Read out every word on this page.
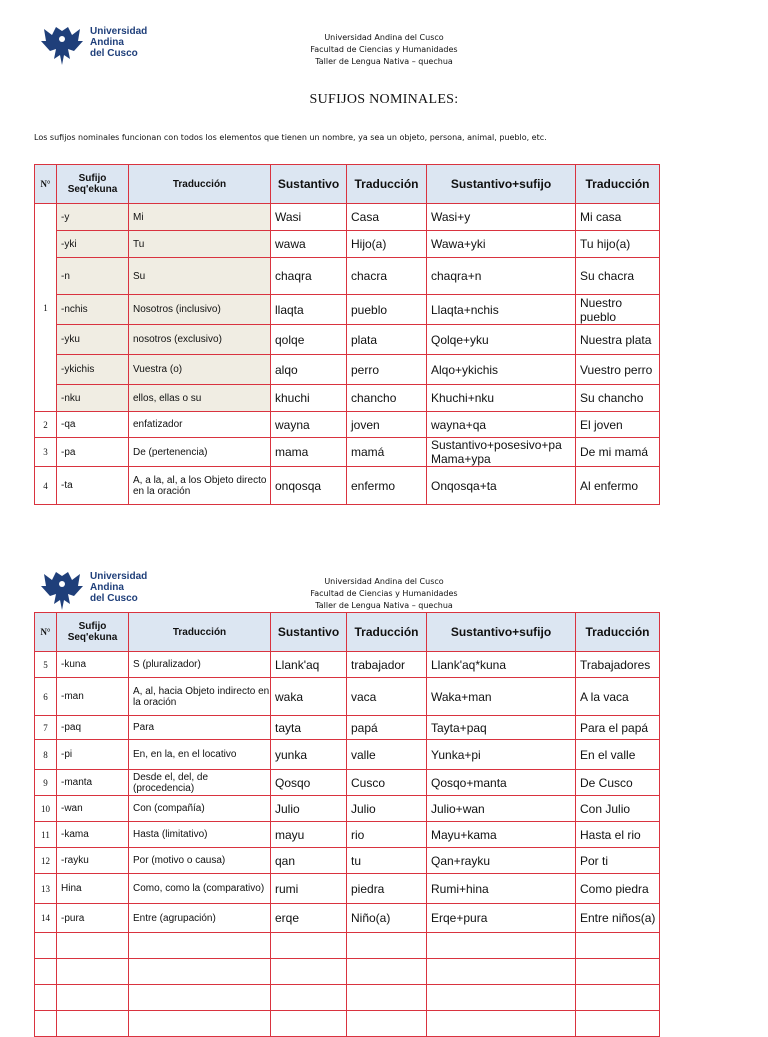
Universidad
Andina
del Cusco
Universidad Andina del Cusco
Facultad de Ciencias y Humanidades
Taller de Lengua Nativa – quechua
SUFIJOS NOMINALES:
Los sufijos nominales funcionan con todos los elementos que tienen un nombre, ya sea un objeto, persona, animal, pueblo, etc.
N°	Sufijo Seq'ekuna	Traducción	Sustantivo	Traducción	Sustantivo+sufijo	Traducción
1	-y	Mi	Wasi	Casa	Wasi+y	Mi casa
	-yki	Tu	wawa	Hijo(a)	Wawa+yki	Tu hijo(a)
	-n	Su	chaqra	chacra	chaqra+n	Su chacra
	-nchis	Nosotros (inclusivo)	llaqta	pueblo	Llaqta+nchis	Nuestro pueblo
	-yku	nosotros (exclusivo)	qolqe	plata	Qolqe+yku	Nuestra plata
	-ykichis	Vuestra (o)	alqo	perro	Alqo+ykichis	Vuestro perro
	-nku	ellos, ellas o su	khuchi	chancho	Khuchi+nku	Su chancho
2	-qa	enfatizador	wayna	joven	wayna+qa	El joven
3	-pa	De (pertenencia)	mama	mamá	Sustantivo+posesivo+pa Mama+ypa	De mi mamá
4	-ta	A, a la, al, a los Objeto directo en la oración	onqosqa	enfermo	Onqosqa+ta	Al enfermo
Universidad
Andina
del Cusco
Universidad Andina del Cusco
Facultad de Ciencias y Humanidades
Taller de Lengua Nativa – quechua
N°	Sufijo Seq'ekuna	Traducción	Sustantivo	Traducción	Sustantivo+sufijo	Traducción
5	-kuna	S (pluralizador)	Llank'aq	trabajador	Llank'aq*kuna	Trabajadores
6	-man	A, al, hacia Objeto indirecto en la oración	waka	vaca	Waka+man	A la vaca
7	-paq	Para	tayta	papá	Tayta+paq	Para el papá
8	-pi	En, en la, en el locativo	yunka	valle	Yunka+pi	En el valle
9	-manta	Desde el, del, de (procedencia)	Qosqo	Cusco	Qosqo+manta	De Cusco
10	-wan	Con (compañía)	Julio	Julio	Julio+wan	Con Julio
11	-kama	Hasta (limitativo)	mayu	rio	Mayu+kama	Hasta el rio
12	-rayku	Por (motivo o causa)	qan	tu	Qan+rayku	Por ti
13	Hina	Como, como la (comparativo)	rumi	piedra	Rumi+hina	Como piedra
14	-pura	Entre (agrupación)	erqe	Niño(a)	Erqe+pura	Entre niños(a)
